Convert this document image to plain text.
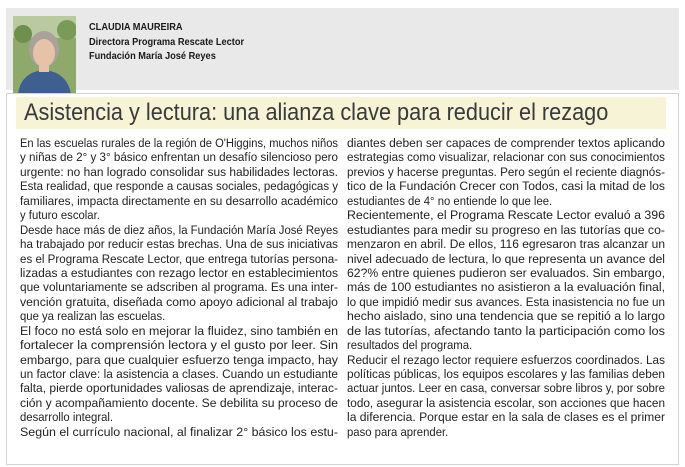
CLAUDIA MAUREIRA
Directora Programa Rescate Lector
Fundación María José Reyes
Asistencia y lectura: una alianza clave para reducir el rezago
En las escuelas rurales de la región de O'Higgins, muchos niños
y niñas de 2° y 3° básico enfrentan un desafío silencioso pero
urgente: no han logrado consolidar sus habilidades lectoras.
Esta realidad, que responde a causas sociales, pedagógicas y
familiares, impacta directamente en su desarrollo académico
y futuro escolar.
Desde hace más de diez años, la Fundación María José Reyes
ha trabajado por reducir estas brechas. Una de sus iniciativas
es el Programa Rescate Lector, que entrega tutorías persona-
lizadas a estudiantes con rezago lector en establecimientos
que voluntariamente se adscriben al programa. Es una inter-
vención gratuita, diseñada como apoyo adicional al trabajo
que ya realizan las escuelas.
El foco no está solo en mejorar la fluidez, sino también en
fortalecer la comprensión lectora y el gusto por leer. Sin
embargo, para que cualquier esfuerzo tenga impacto, hay
un factor clave: la asistencia a clases. Cuando un estudiante
falta, pierde oportunidades valiosas de aprendizaje, interac-
ción y acompañamiento docente. Se debilita su proceso de
desarrollo integral.
Según el currículo nacional, al finalizar 2° básico los estu-
diantes deben ser capaces de comprender textos aplicando
estrategias como visualizar, relacionar con sus conocimientos
previos y hacerse preguntas. Pero según el reciente diagnós-
tico de la Fundación Crecer con Todos, casi la mitad de los
estudiantes de 4° no entiende lo que lee.
Recientemente, el Programa Rescate Lector evaluó a 396
estudiantes para medir su progreso en las tutorías que co-
menzaron en abril. De ellos, 116 egresaron tras alcanzar un
nivel adecuado de lectura, lo que representa un avance del
62?% entre quienes pudieron ser evaluados. Sin embargo,
más de 100 estudiantes no asistieron a la evaluación final,
lo que impidió medir sus avances. Esta inasistencia no fue un
hecho aislado, sino una tendencia que se repitió a lo largo
de las tutorías, afectando tanto la participación como los
resultados del programa.
Reducir el rezago lector requiere esfuerzos coordinados. Las
políticas públicas, los equipos escolares y las familias deben
actuar juntos. Leer en casa, conversar sobre libros y, por sobre
todo, asegurar la asistencia escolar, son acciones que hacen
la diferencia. Porque estar en la sala de clases es el primer
paso para aprender.
